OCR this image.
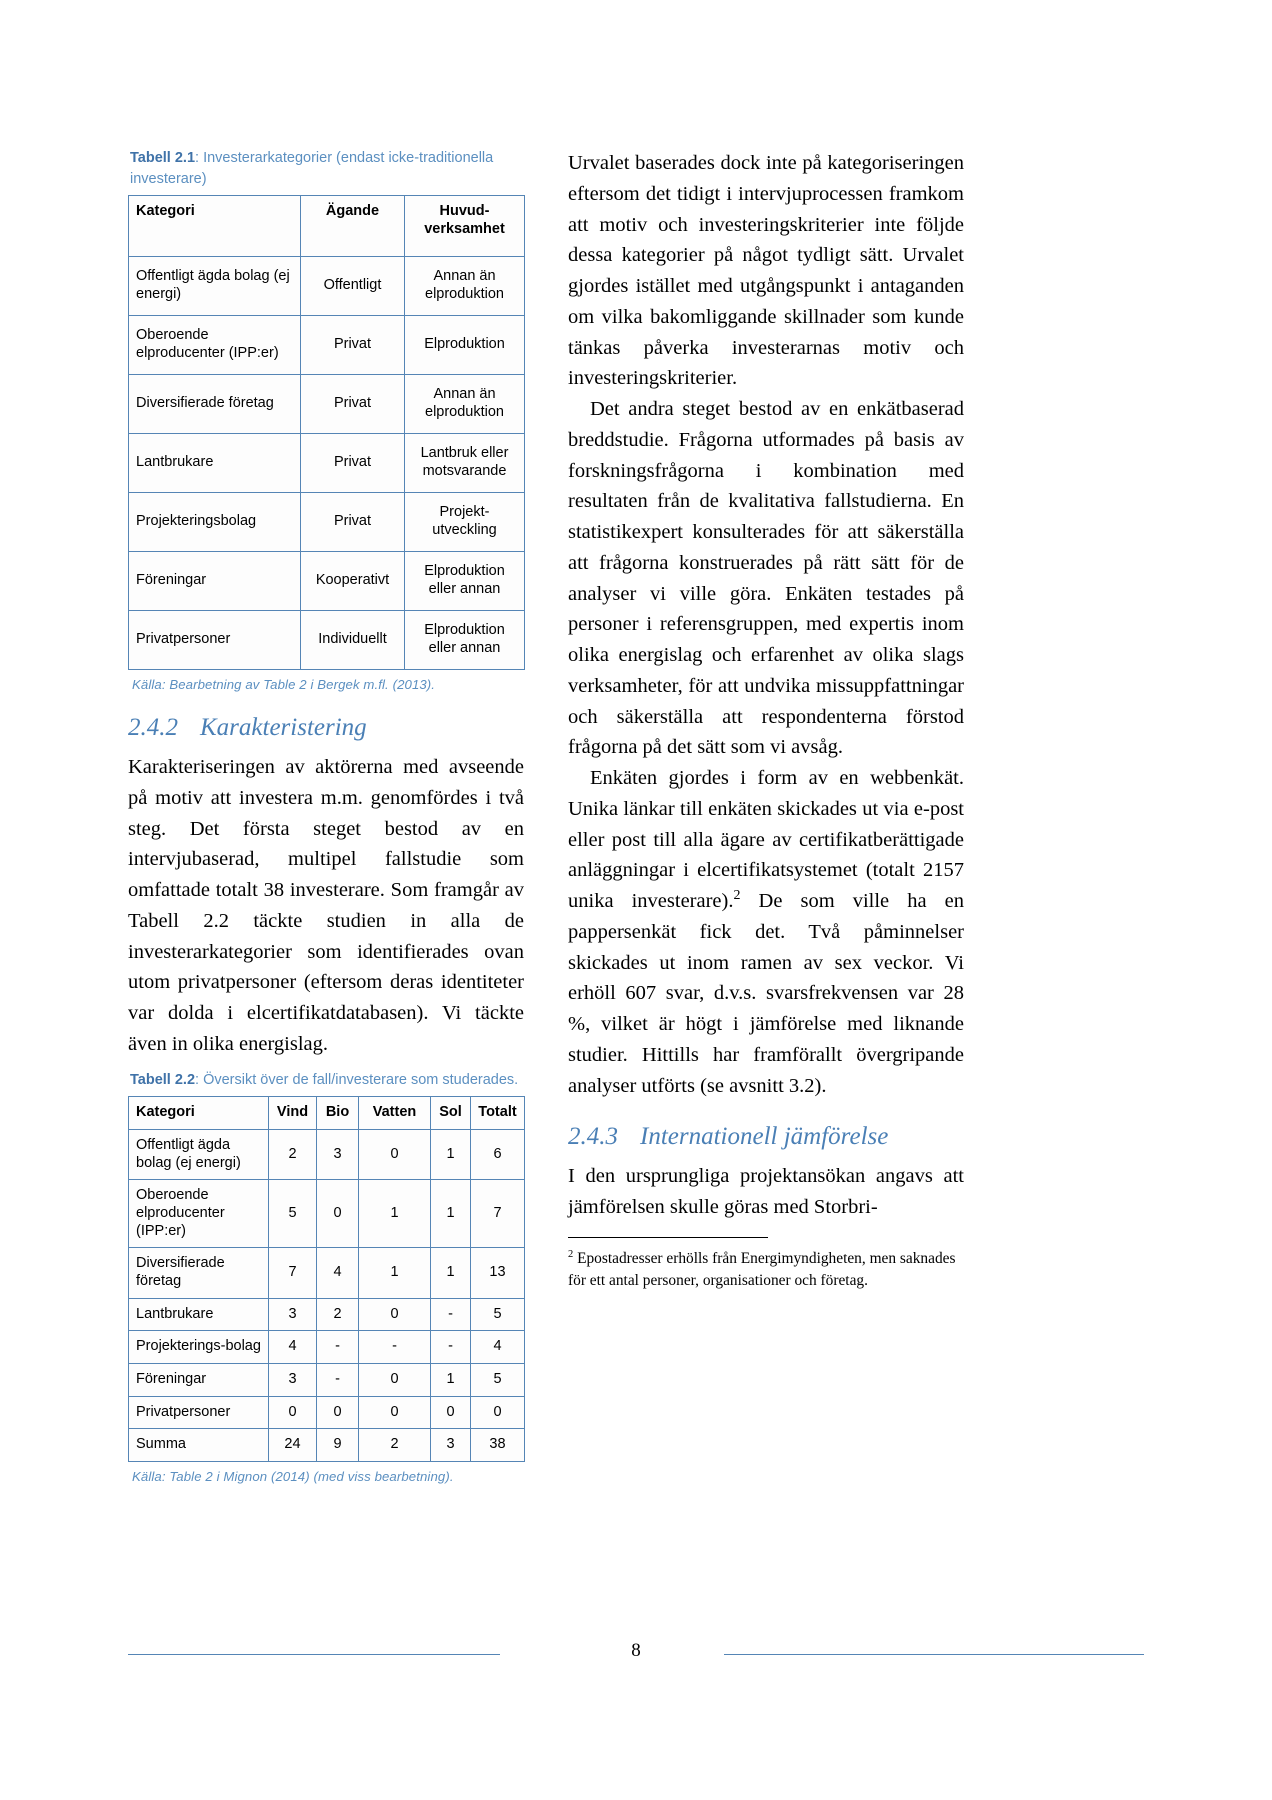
Tabell 2.1: Investerarkategorier (endast icke-traditionella investerare)
Kategori	Ägande	Huvud-
verksamhet
Offentligt ägda bolag (ej energi)	Offentligt	Annan än elproduktion
Oberoende elproducenter (IPP:er)	Privat	Elproduktion
Diversifierade företag	Privat	Annan än elproduktion
Lantbrukare	Privat	Lantbruk eller motsvarande
Projekteringsbolag	Privat	Projekt-utveckling
Föreningar	Kooperativt	Elproduktion eller annan
Privatpersoner	Individuellt	Elproduktion eller annan
Källa: Bearbetning av Table 2 i Bergek m.fl. (2013).
2.4.2 Karakteristering

Karakteriseringen av aktörerna med avseende på motiv att investera m.m. genomfördes i två steg. Det första steget bestod av en intervjubaserad, multipel fallstudie som omfattade totalt 38 investerare. Som framgår av Tabell 2.2 täckte studien in alla de investerarkategorier som identifierades ovan utom privatpersoner (eftersom deras identiteter var dolda i elcertifikatdatabasen). Vi täckte även in olika energislag.

Tabell 2.2: Översikt över de fall/investerare som studerades.
Kategori	Vind	Bio	Vatten	Sol	Totalt
Offentligt ägda bolag (ej energi)	2	3	0	1	6
Oberoende elproducenter (IPP:er)	5	0	1	1	7
Diversifierade företag	7	4	1	1	13
Lantbrukare	3	2	0	-	5
Projekterings-bolag	4	-	-	-	4
Föreningar	3	-	0	1	5
Privatpersoner	0	0	0	0	0
Summa	24	9	2	3	38
Källa: Table 2 i Mignon (2014) (med viss bearbetning).

Urvalet baserades dock inte på kategoriseringen eftersom det tidigt i intervjuprocessen framkom att motiv och investeringskriterier inte följde dessa kategorier på något tydligt sätt. Urvalet gjordes istället med utgångspunkt i antaganden om vilka bakomliggande skillnader som kunde tänkas påverka investerarnas motiv och investeringskriterier.

Det andra steget bestod av en enkätbaserad breddstudie. Frågorna utformades på basis av forskningsfrågorna i kombination med resultaten från de kvalitativa fallstudierna. En statistikexpert konsulterades för att säkerställa att frågorna konstruerades på rätt sätt för de analyser vi ville göra. Enkäten testades på personer i referensgruppen, med expertis inom olika energislag och erfarenhet av olika slags verksamheter, för att undvika missuppfattningar och säkerställa att respondenterna förstod frågorna på det sätt som vi avsåg.

Enkäten gjordes i form av en webbenkät. Unika länkar till enkäten skickades ut via e-post eller post till alla ägare av certifikatberättigade anläggningar i elcertifikatsystemet (totalt 2157 unika investerare).$^2$ De som ville ha en pappersenkät fick det. Två påminnelser skickades ut inom ramen av sex veckor. Vi erhöll 607 svar, d.v.s. svarsfrekvensen var 28 %, vilket är högt i jämförelse med liknande studier. Hittills har framförallt övergripande analyser utförts (se avsnitt 3.2).

2.4.3 Internationell jämförelse

I den ursprungliga projektansökan angavs att jämförelsen skulle göras med Storbri-

$^2$ Epostadresser erhölls från Energimyndigheten, men saknades för ett antal personer, organisationer och företag.

8
